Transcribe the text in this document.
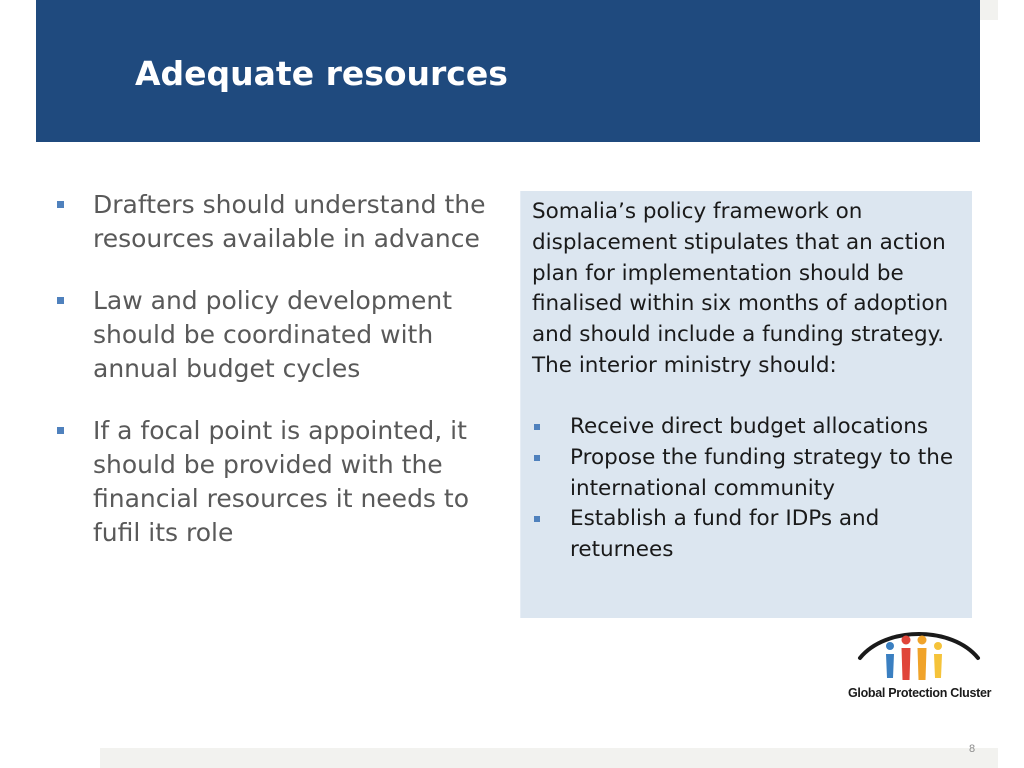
Adequate resources
Drafters should understand the resources available in advance
Law and policy development should be coordinated with annual budget cycles
If a focal point is appointed, it should be provided with the financial resources it needs to fufil its role

Somalia’s policy framework on displacement stipulates that an action plan for implementation should be finalised within six months of adoption and should include a funding strategy. The interior ministry should:

Receive direct budget allocations
Propose the funding strategy to the international community
Establish a fund for IDPs and returnees
Global Protection Cluster
8
